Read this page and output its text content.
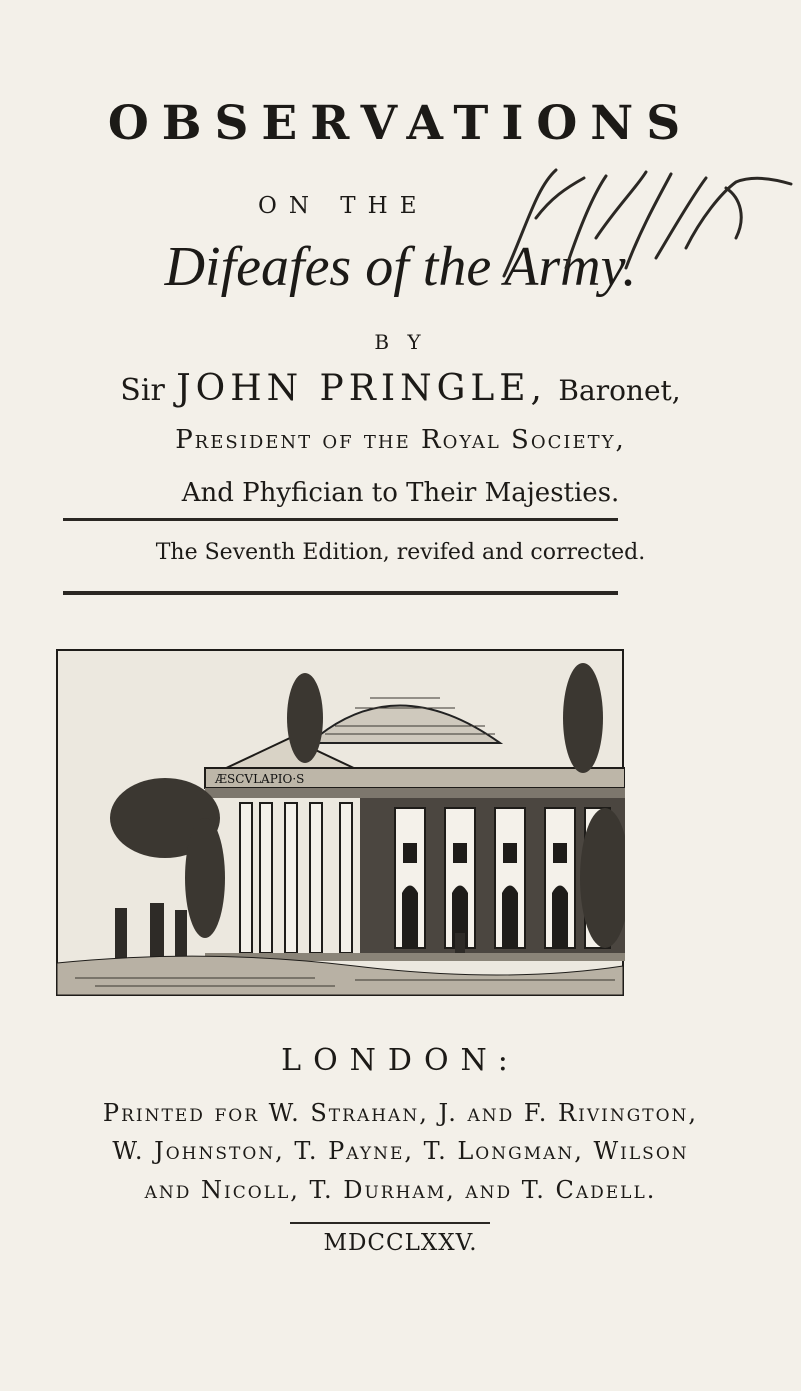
OBSERVATIONS
ON THE
Difeafes of the Army.
B Y
Sir JOHN PRINGLE, Baronet,
President of the Royal Society,
And Phyfician to Their Majesties.
The Seventh Edition, revifed and corrected.
ÆSCVLAPIO·S
LONDON:
Printed for W. Strahan, J. and F. Rivington,
W. Johnston, T. Payne, T. Longman, Wilson
and Nicoll, T. Durham, and T. Cadell.
MDCCLXXV.
